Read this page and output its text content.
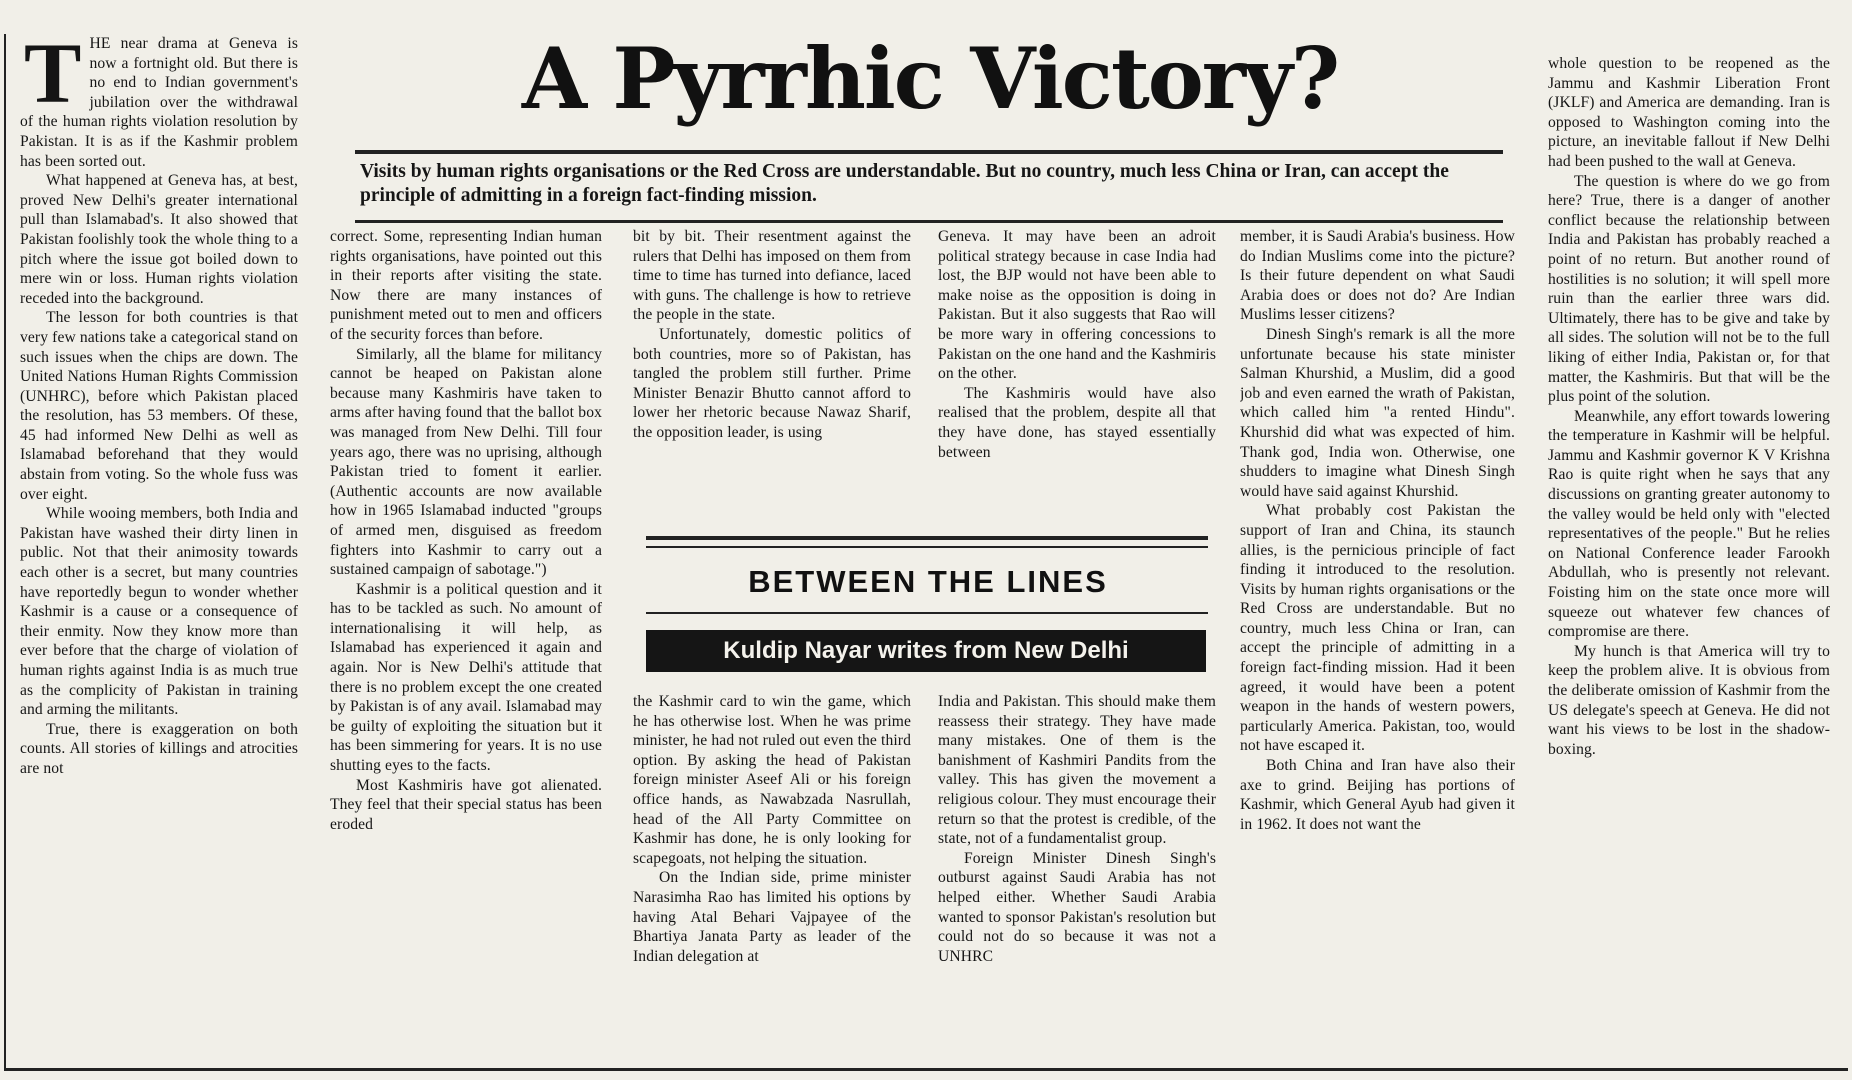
THE near drama at Geneva is now a fortnight old. But there is no end to Indian government's jubilation over the withdrawal of the human rights violation resolution by Pakistan. It is as if the Kashmir problem has been sorted out.

What happened at Geneva has, at best, proved New Delhi's greater international pull than Islamabad's. It also showed that Pakistan foolishly took the whole thing to a pitch where the issue got boiled down to mere win or loss. Human rights violation receded into the background.

The lesson for both countries is that very few nations take a categorical stand on such issues when the chips are down. The United Nations Human Rights Commission (UNHRC), before which Pakistan placed the resolution, has 53 members. Of these, 45 had informed New Delhi as well as Islamabad beforehand that they would abstain from voting. So the whole fuss was over eight.

While wooing members, both India and Pakistan have washed their dirty linen in public. Not that their animosity towards each other is a secret, but many countries have reportedly begun to wonder whether Kashmir is a cause or a consequence of their enmity. Now they know more than ever before that the charge of violation of human rights against India is as much true as the complicity of Pakistan in training and arming the militants.

True, there is exaggeration on both counts. All stories of killings and atrocities are not

A Pyrrhic Victory?
Visits by human rights organisations or the Red Cross are understandable. But no country, much less China or Iran, can accept the principle of admitting in a foreign fact-finding mission.

correct. Some, representing Indian human rights organisations, have pointed out this in their reports after visiting the state. Now there are many instances of punishment meted out to men and officers of the security forces than before.

Similarly, all the blame for militancy cannot be heaped on Pakistan alone because many Kashmiris have taken to arms after having found that the ballot box was managed from New Delhi. Till four years ago, there was no uprising, although Pakistan tried to foment it earlier. (Authentic accounts are now available how in 1965 Islamabad inducted "groups of armed men, disguised as freedom fighters into Kashmir to carry out a sustained campaign of sabotage.")

Kashmir is a political question and it has to be tackled as such. No amount of internationalising it will help, as Islamabad has experienced it again and again. Nor is New Delhi's attitude that there is no problem except the one created by Pakistan is of any avail. Islamabad may be guilty of exploiting the situation but it has been simmering for years. It is no use shutting eyes to the facts.

Most Kashmiris have got alienated. They feel that their special status has been eroded

bit by bit. Their resentment against the rulers that Delhi has imposed on them from time to time has turned into defiance, laced with guns. The challenge is how to retrieve the people in the state.

Unfortunately, domestic politics of both countries, more so of Pakistan, has tangled the problem still further. Prime Minister Benazir Bhutto cannot afford to lower her rhetoric because Nawaz Sharif, the opposition leader, is using

Geneva. It may have been an adroit political strategy because in case India had lost, the BJP would not have been able to make noise as the opposition is doing in Pakistan. But it also suggests that Rao will be more wary in offering concessions to Pakistan on the one hand and the Kashmiris on the other.

The Kashmiris would have also realised that the problem, despite all that they have done, has stayed essentially between

BETWEEN THE LINES
Kuldip Nayar writes from New Delhi

the Kashmir card to win the game, which he has otherwise lost. When he was prime minister, he had not ruled out even the third option. By asking the head of Pakistan foreign minister Aseef Ali or his foreign office hands, as Nawabzada Nasrullah, head of the All Party Committee on Kashmir has done, he is only looking for scapegoats, not helping the situation.

On the Indian side, prime minister Narasimha Rao has limited his options by having Atal Behari Vajpayee of the Bhartiya Janata Party as leader of the Indian delegation at

India and Pakistan. This should make them reassess their strategy. They have made many mistakes. One of them is the banishment of Kashmiri Pandits from the valley. This has given the movement a religious colour. They must encourage their return so that the protest is credible, of the state, not of a fundamentalist group.

Foreign Minister Dinesh Singh's outburst against Saudi Arabia has not helped either. Whether Saudi Arabia wanted to sponsor Pakistan's resolution but could not do so because it was not a UNHRC

member, it is Saudi Arabia's business. How do Indian Muslims come into the picture? Is their future dependent on what Saudi Arabia does or does not do? Are Indian Muslims lesser citizens?

Dinesh Singh's remark is all the more unfortunate because his state minister Salman Khurshid, a Muslim, did a good job and even earned the wrath of Pakistan, which called him "a rented Hindu". Khurshid did what was expected of him. Thank god, India won. Otherwise, one shudders to imagine what Dinesh Singh would have said against Khurshid.

What probably cost Pakistan the support of Iran and China, its staunch allies, is the pernicious principle of fact finding it introduced to the resolution. Visits by human rights organisations or the Red Cross are understandable. But no country, much less China or Iran, can accept the principle of admitting in a foreign fact-finding mission. Had it been agreed, it would have been a potent weapon in the hands of western powers, particularly America. Pakistan, too, would not have escaped it.

Both China and Iran have also their axe to grind. Beijing has portions of Kashmir, which General Ayub had given it in 1962. It does not want the

whole question to be reopened as the Jammu and Kashmir Liberation Front (JKLF) and America are demanding. Iran is opposed to Washington coming into the picture, an inevitable fallout if New Delhi had been pushed to the wall at Geneva.

The question is where do we go from here? True, there is a danger of another conflict because the relationship between India and Pakistan has probably reached a point of no return. But another round of hostilities is no solution; it will spell more ruin than the earlier three wars did. Ultimately, there has to be give and take by all sides. The solution will not be to the full liking of either India, Pakistan or, for that matter, the Kashmiris. But that will be the plus point of the solution.

Meanwhile, any effort towards lowering the temperature in Kashmir will be helpful. Jammu and Kashmir governor K V Krishna Rao is quite right when he says that any discussions on granting greater autonomy to the valley would be held only with "elected representatives of the people." But he relies on National Conference leader Farookh Abdullah, who is presently not relevant. Foisting him on the state once more will squeeze out whatever few chances of compromise are there.

My hunch is that America will try to keep the problem alive. It is obvious from the deliberate omission of Kashmir from the US delegate's speech at Geneva. He did not want his views to be lost in the shadow-boxing.
